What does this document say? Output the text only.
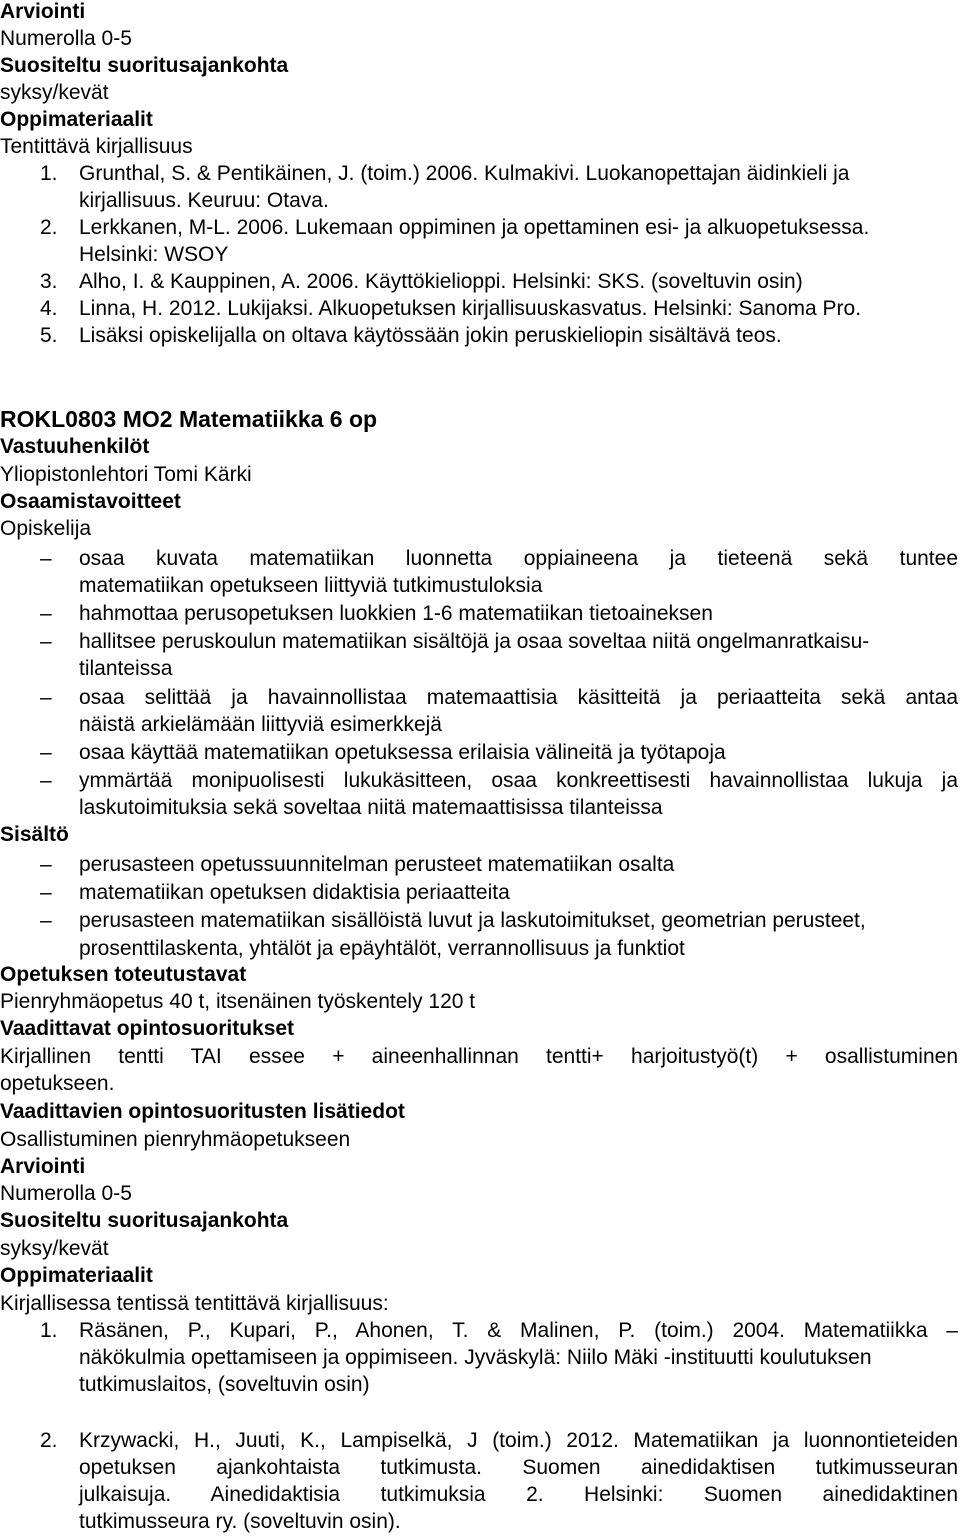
Arviointi
Numerolla 0-5
Suositeltu suoritusajankohta
syksy/kevät
Oppimateriaalit
Tentittävä kirjallisuus
1. Grunthal, S. & Pentikäinen, J. (toim.) 2006. Kulmakivi. Luokanopettajan äidinkieli ja
kirjallisuus. Keuruu: Otava.
2. Lerkkanen, M-L. 2006. Lukemaan oppiminen ja opettaminen esi- ja alkuopetuksessa.
Helsinki: WSOY
3. Alho, I. & Kauppinen, A. 2006. Käyttökielioppi. Helsinki: SKS. (soveltuvin osin)
4. Linna, H. 2012. Lukijaksi. Alkuopetuksen kirjallisuuskasvatus. Helsinki: Sanoma Pro.
5. Lisäksi opiskelijalla on oltava käytössään jokin peruskieliopin sisältävä teos.
ROKL0803 MO2 Matematiikka 6 op
Vastuuhenkilöt
Yliopistonlehtori Tomi Kärki
Osaamistavoitteet
Opiskelija
– osaa kuvata matematiikan luonnetta oppiaineena ja tieteenä sekä tuntee
matematiikan opetukseen liittyviä tutkimustuloksia
– hahmottaa perusopetuksen luokkien 1-6 matematiikan tietoaineksen
– hallitsee peruskoulun matematiikan sisältöjä ja osaa soveltaa niitä ongelmanratkaisu-
tilanteissa
– osaa selittää ja havainnollistaa matemaattisia käsitteitä ja periaatteita sekä antaa
näistä arkielämään liittyviä esimerkkejä
– osaa käyttää matematiikan opetuksessa erilaisia välineitä ja työtapoja
– ymmärtää monipuolisesti lukukäsitteen, osaa konkreettisesti havainnollistaa lukuja ja
laskutoimituksia sekä soveltaa niitä matemaattisissa tilanteissa
Sisältö
– perusasteen opetussuunnitelman perusteet matematiikan osalta
– matematiikan opetuksen didaktisia periaatteita
– perusasteen matematiikan sisällöistä luvut ja laskutoimitukset, geometrian perusteet,
prosenttilaskenta, yhtälöt ja epäyhtälöt, verrannollisuus ja funktiot
Opetuksen toteutustavat
Pienryhmäopetus 40 t, itsenäinen työskentely 120 t
Vaadittavat opintosuoritukset
Kirjallinen tentti TAI essee + aineenhallinnan tentti+ harjoitustyö(t) + osallistuminen
opetukseen.
Vaadittavien opintosuoritusten lisätiedot
Osallistuminen pienryhmäopetukseen
Arviointi
Numerolla 0-5
Suositeltu suoritusajankohta
syksy/kevät
Oppimateriaalit
Kirjallisessa tentissä tentittävä kirjallisuus:
1. Räsänen, P., Kupari, P., Ahonen, T. & Malinen, P. (toim.) 2004. Matematiikka –
näkökulmia opettamiseen ja oppimiseen. Jyväskylä: Niilo Mäki -instituutti koulutuksen
tutkimuslaitos, (soveltuvin osin)
2. Krzywacki, H., Juuti, K., Lampiselkä, J (toim.) 2012. Matematiikan ja luonnontieteiden
opetuksen ajankohtaista tutkimusta. Suomen ainedidaktisen tutkimusseuran
julkaisuja. Ainedidaktisia tutkimuksia 2. Helsinki: Suomen ainedidaktinen
tutkimusseura ry. (soveltuvin osin).
